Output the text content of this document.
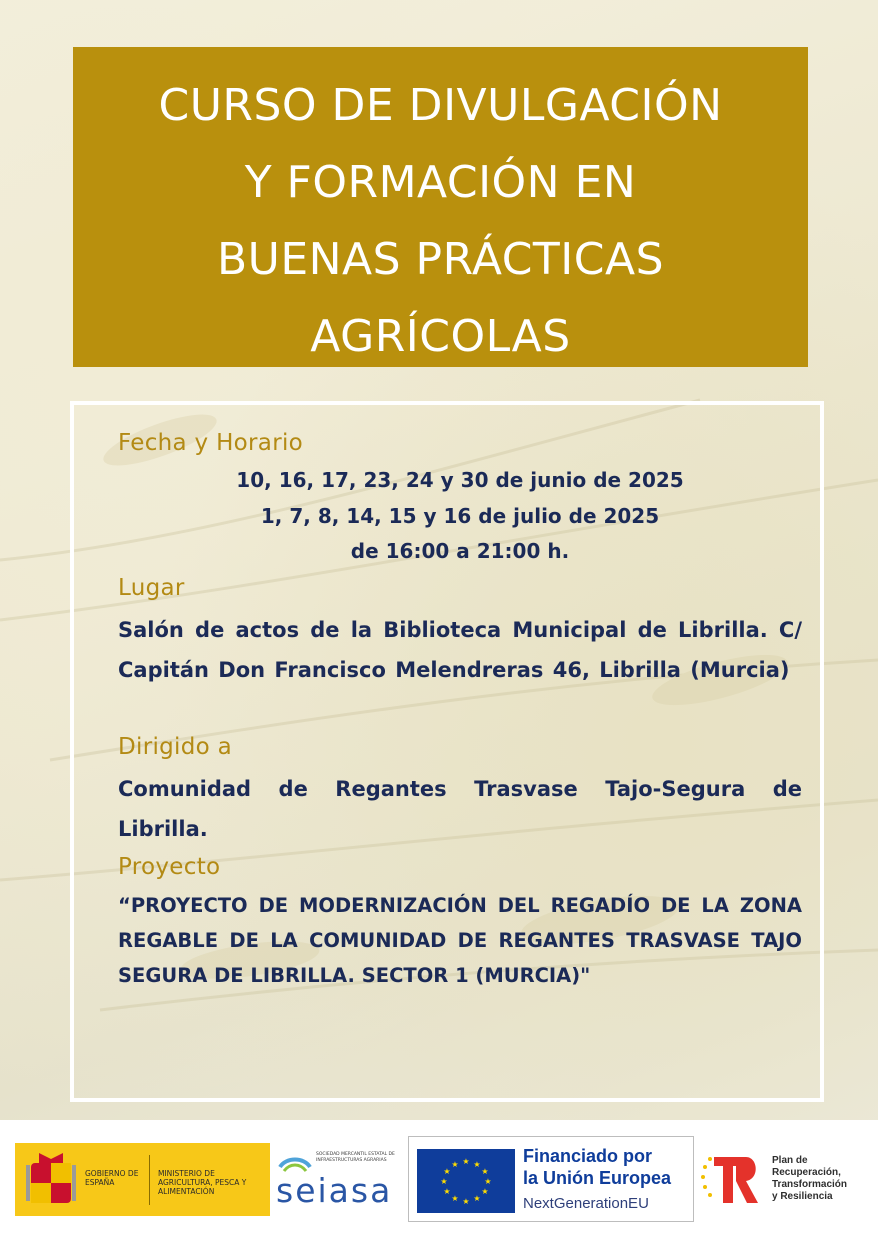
CURSO DE DIVULGACIÓN
Y FORMACIÓN EN
BUENAS PRÁCTICAS
AGRÍCOLAS
Fecha y Horario
10, 16, 17, 23, 24 y 30 de junio de 2025
1, 7, 8, 14, 15 y 16 de julio de 2025
de 16:00 a 21:00 h.
Lugar
Salón de actos de la Biblioteca Municipal de Librilla. C/ Capitán Don Francisco Melendreras 46, Librilla (Murcia)
Dirigido a
Comunidad de Regantes Trasvase Tajo-Segura de Librilla.
Proyecto
“PROYECTO DE MODERNIZACIÓN DEL REGADÍO DE LA ZONA REGABLE DE LA COMUNIDAD DE REGANTES TRASVASE TAJO SEGURA DE LIBRILLA. SECTOR 1 (MURCIA)"
GOBIERNO DE ESPAÑA
MINISTERIO DE AGRICULTURA, PESCA Y ALIMENTACIÓN
SOCIEDAD MERCANTIL ESTATAL DE INFRAESTRUCTURAS AGRARIAS
seiasa
★ ★
★
★
★
★
★
★
★
★
★
★	Financiado por
la Unión Europea
NextGenerationEU
Plan de
Recuperación,
Transformación
y Resiliencia
